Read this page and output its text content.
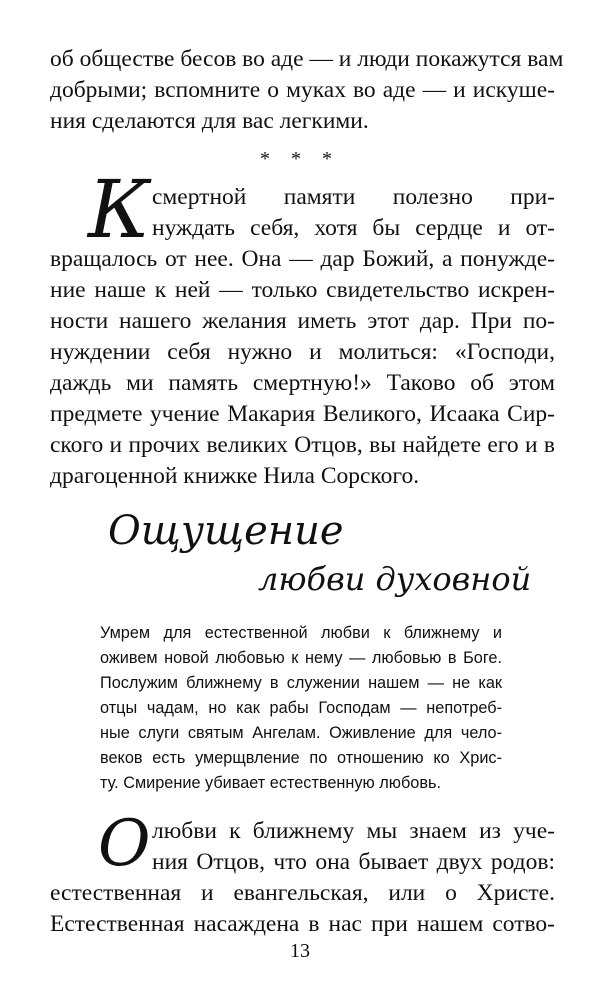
об обществе бесов во аде — и люди покажутся вам
добрыми; вспомните о муках во аде — и искуше-
ния сделаются для вас легкими.
* * *
К смертной памяти полезно при-
нуждать себя, хотя бы сердце и от-
вращалось от нее. Она — дар Божий, а понужде-
ние наше к ней — только свидетельство искрен-
ности нашего желания иметь этот дар. При по-
нуждении себя нужно и молиться: «Господи,
даждь ми память смертную!» Таково об этом
предмете учение Макария Великого, Исаака Сир-
ского и прочих великих Отцов, вы найдете его и в
драгоценной книжке Нила Сорского.
Ощущение
любви духовной
Умрем для естественной любви к ближнему и
оживем новой любовью к нему — любовью в Боге.
Послужим ближнему в служении нашем — не как
отцы чадам, но как рабы Господам — непотреб-
ные слуги святым Ангелам. Оживление для чело-
веков есть умерщвление по отношению ко Хрис-
ту. Смирение убивает естественную любовь.
О любви к ближнему мы знаем из уче-
ния Отцов, что она бывает двух родов:
естественная и евангельская, или о Христе.
Естественная насаждена в нас при нашем сотво-
13
